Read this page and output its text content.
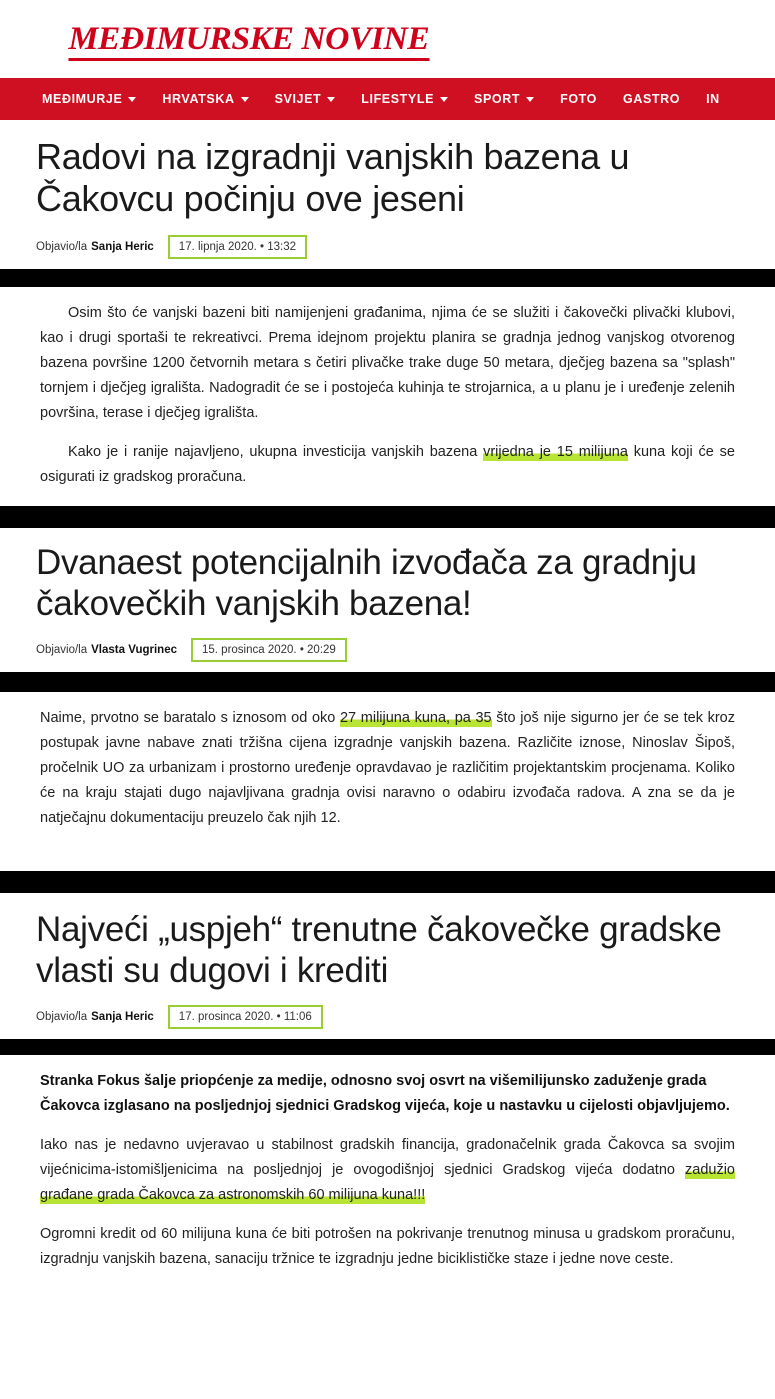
MEĐIMURSKE NOVINE
MEĐIMURJE	HRVATSKA	SVIJET	LIFESTYLE	SPORT	FOTO GASTRO IN
Radovi na izgradnji vanjskih bazena u Čakovcu počinju ove jeseni
Objavio/la Sanja Heric	17. lipnja 2020. • 13:32

Osim što će vanjski bazeni biti namijenjeni građanima, njima će se služiti i čakovečki plivački klubovi, kao i drugi sportaši te rekreativci. Prema idejnom projektu planira se gradnja jednog vanjskog otvorenog bazena površine 1200 četvornih metara s četiri plivačke trake duge 50 metara, dječjeg bazena sa "splash" tornjem i dječjeg igrališta. Nadogradit će se i postojeća kuhinja te strojarnica, a u planu je i uređenje zelenih površina, terase i dječjeg igrališta.

Kako je i ranije najavljeno, ukupna investicija vanjskih bazena vrijedna je 15 milijuna kuna koji će se osigurati iz gradskog proračuna.

Dvanaest potencijalnih izvođača za gradnju čakovečkih vanjskih bazena!
Objavio/la Vlasta Vugrinec	15. prosinca 2020. • 20:29

Naime, prvotno se baratalo s iznosom od oko 27 milijuna kuna, pa 35 što još nije sigurno jer će se tek kroz postupak javne nabave znati tržišna cijena izgradnje vanjskih bazena. Različite iznose, Ninoslav Šipoš, pročelnik UO za urbanizam i prostorno uređenje opravdavao je različitim projektantskim procjenama. Koliko će na kraju stajati dugo najavljivana gradnja ovisi naravno o odabiru izvođača radova. A zna se da je natječajnu dokumentaciju preuzelo čak njih 12.

Najveći „uspjeh“ trenutne čakovečke gradske vlasti su dugovi i krediti
Objavio/la Sanja Heric	17. prosinca 2020. • 11:06

Stranka Fokus šalje priopćenje za medije, odnosno svoj osvrt na višemilijunsko zaduženje grada Čakovca izglasano na posljednjoj sjednici Gradskog vijeća, koje u nastavku u cijelosti objavljujemo.

Iako nas je nedavno uvjeravao u stabilnost gradskih financija, gradonačelnik grada Čakovca sa svojim vijećnicima-istomišljenicima na posljednjoj je ovogodišnjoj sjednici Gradskog vijeća dodatno zadužio građane grada Čakovca za astronomskih 60 milijuna kuna!!!

Ogromni kredit od 60 milijuna kuna će biti potrošen na pokrivanje trenutnog minusa u gradskom proračunu, izgradnju vanjskih bazena, sanaciju tržnice te izgradnju jedne biciklističke staze i jedne nove ceste.
